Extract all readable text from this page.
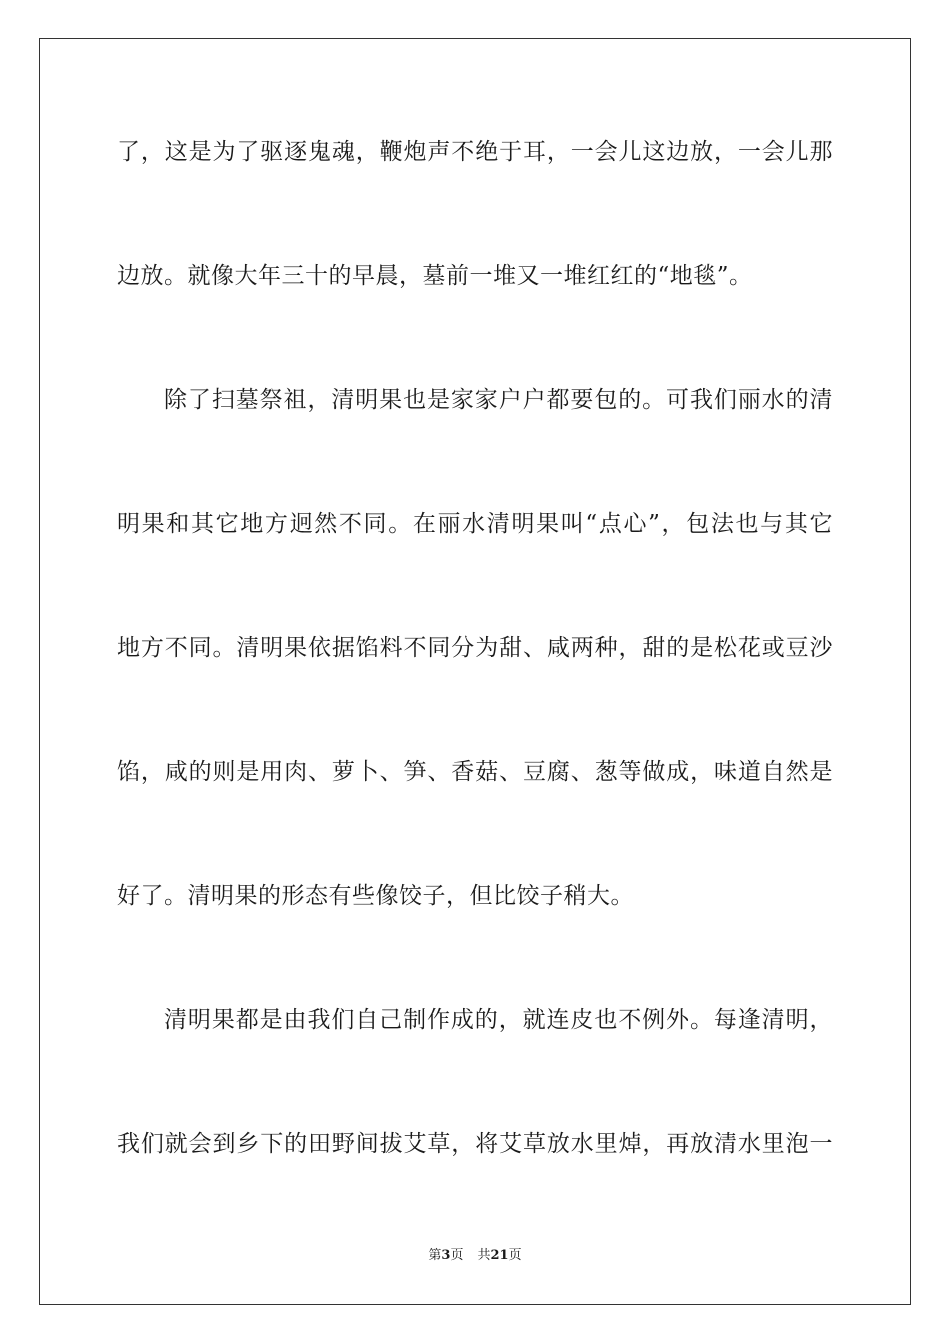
了，这是为了驱逐鬼魂，鞭炮声不绝于耳，一会儿这边放，一会儿那
边放。就像大年三十的早晨，墓前一堆又一堆红红的“地毯”。
除了扫墓祭祖，清明果也是家家户户都要包的。可我们丽水的清
明果和其它地方迥然不同。在丽水清明果叫“点心”，包法也与其它
地方不同。清明果依据馅料不同分为甜、咸两种，甜的是松花或豆沙
馅，咸的则是用肉、萝卜、笋、香菇、豆腐、葱等做成，味道自然是
好了。清明果的形态有些像饺子，但比饺子稍大。
清明果都是由我们自己制作成的，就连皮也不例外。每逢清明，
我们就会到乡下的田野间拔艾草，将艾草放水里焯，再放清水里泡一
第3页 共21页
